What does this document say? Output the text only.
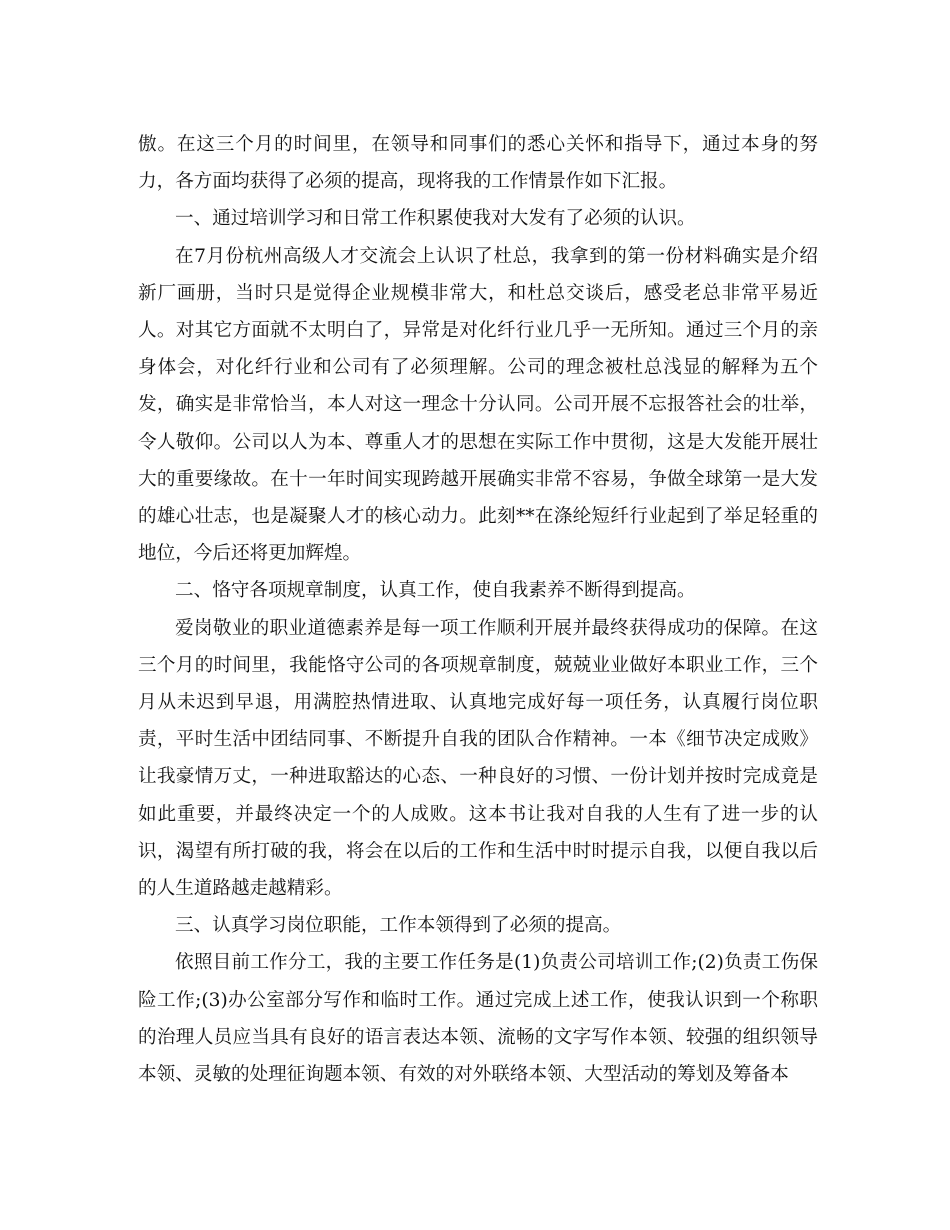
傲。在这三个月的时间里，在领导和同事们的悉心关怀和指导下，通过本身的努力，各方面均获得了必须的提高，现将我的工作情景作如下汇报。

一、通过培训学习和日常工作积累使我对大发有了必须的认识。

在7月份杭州高级人才交流会上认识了杜总，我拿到的第一份材料确实是介绍新厂画册，当时只是觉得企业规模非常大，和杜总交谈后，感受老总非常平易近人。对其它方面就不太明白了，异常是对化纤行业几乎一无所知。通过三个月的亲身体会，对化纤行业和公司有了必须理解。公司的理念被杜总浅显的解释为五个发，确实是非常恰当，本人对这一理念十分认同。公司开展不忘报答社会的壮举，令人敬仰。公司以人为本、尊重人才的思想在实际工作中贯彻，这是大发能开展壮大的重要缘故。在十一年时间实现跨越开展确实非常不容易，争做全球第一是大发的雄心壮志，也是凝聚人才的核心动力。此刻**在涤纶短纤行业起到了举足轻重的地位，今后还将更加辉煌。

二、恪守各项规章制度，认真工作，使自我素养不断得到提高。

爱岗敬业的职业道德素养是每一项工作顺利开展并最终获得成功的保障。在这三个月的时间里，我能恪守公司的各项规章制度，兢兢业业做好本职业工作，三个月从未迟到早退，用满腔热情进取、认真地完成好每一项任务，认真履行岗位职责，平时生活中团结同事、不断提升自我的团队合作精神。一本《细节决定成败》让我豪情万丈，一种进取豁达的心态、一种良好的习惯、一份计划并按时完成竟是如此重要，并最终决定一个的人成败。这本书让我对自我的人生有了进一步的认识，渴望有所打破的我，将会在以后的工作和生活中时时提示自我，以便自我以后的人生道路越走越精彩。

三、认真学习岗位职能，工作本领得到了必须的提高。

依照目前工作分工，我的主要工作任务是(1)负责公司培训工作;(2)负责工伤保险工作;(3)办公室部分写作和临时工作。通过完成上述工作，使我认识到一个称职的治理人员应当具有良好的语言表达本领、流畅的文字写作本领、较强的组织领导本领、灵敏的处理征询题本领、有效的对外联络本领、大型活动的筹划及筹备本
